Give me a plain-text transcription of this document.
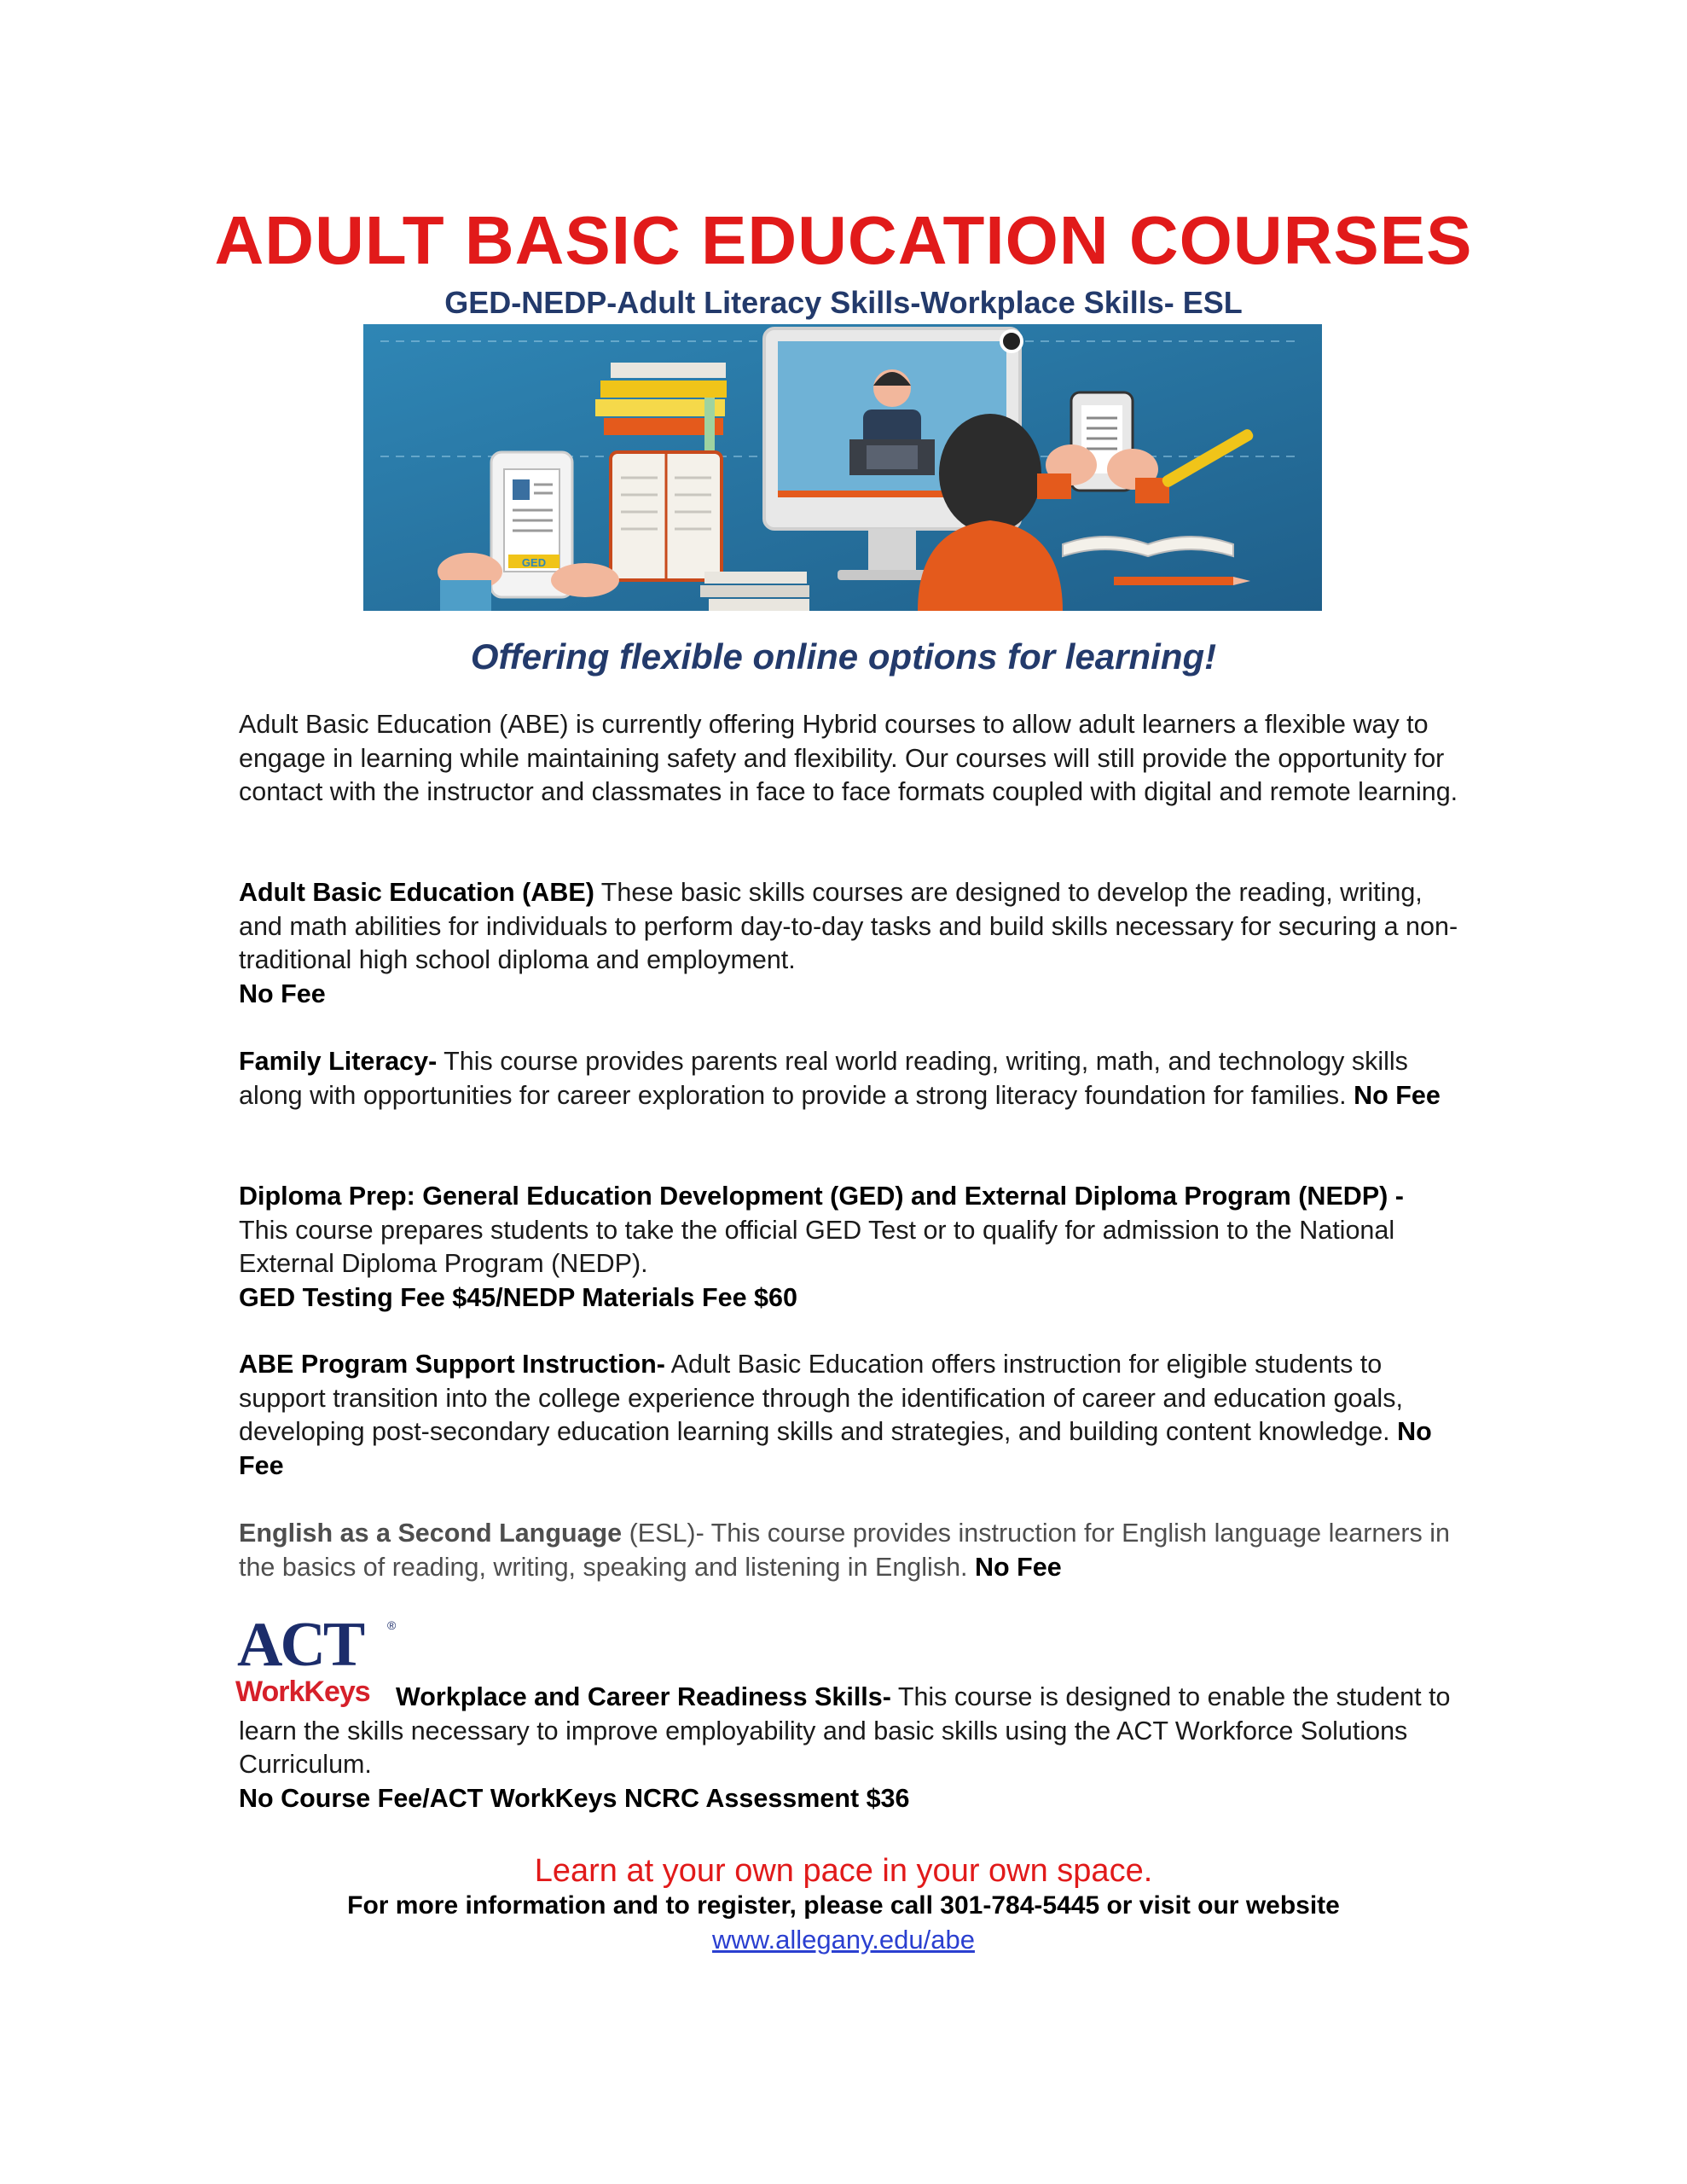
ADULT BASIC EDUCATION COURSES
GED-NEDP-Adult Literacy Skills-Workplace Skills- ESL
GED
Offering flexible online options for learning!
Adult Basic Education (ABE) is currently offering Hybrid courses to allow adult learners a flexible way to engage in learning while maintaining safety and flexibility. Our courses will still provide the opportunity for contact with the instructor and classmates in face to face formats coupled with digital and remote learning.
Adult Basic Education (ABE) These basic skills courses are designed to develop the reading, writing, and math abilities for individuals to perform day-to-day tasks and build skills necessary for securing a non-traditional high school diploma and employment.
No Fee
Family Literacy- This course provides parents real world reading, writing, math, and technology skills along with opportunities for career exploration to provide a strong literacy foundation for families. No Fee
Diploma Prep: General Education Development (GED) and External Diploma Program (NEDP) - This course prepares students to take the official GED Test or to qualify for admission to the National External Diploma Program (NEDP).
GED Testing Fee $45/NEDP Materials Fee $60
ABE Program Support Instruction- Adult Basic Education offers instruction for eligible students to support transition into the college experience through the identification of career and education goals, developing post-secondary education learning skills and strategies, and building content knowledge. No Fee
English as a Second Language (ESL)- This course provides instruction for English language learners in the basics of reading, writing, speaking and listening in English. No Fee
ACT ®
WorkKeys Workplace and Career Readiness Skills- This course is designed to enable the student to learn the skills necessary to improve employability and basic skills using the ACT Workforce Solutions Curriculum.
No Course Fee/ACT WorkKeys NCRC Assessment $36
Learn at your own pace in your own space.
For more information and to register, please call 301-784-5445 or visit our website
www.allegany.edu/abe
